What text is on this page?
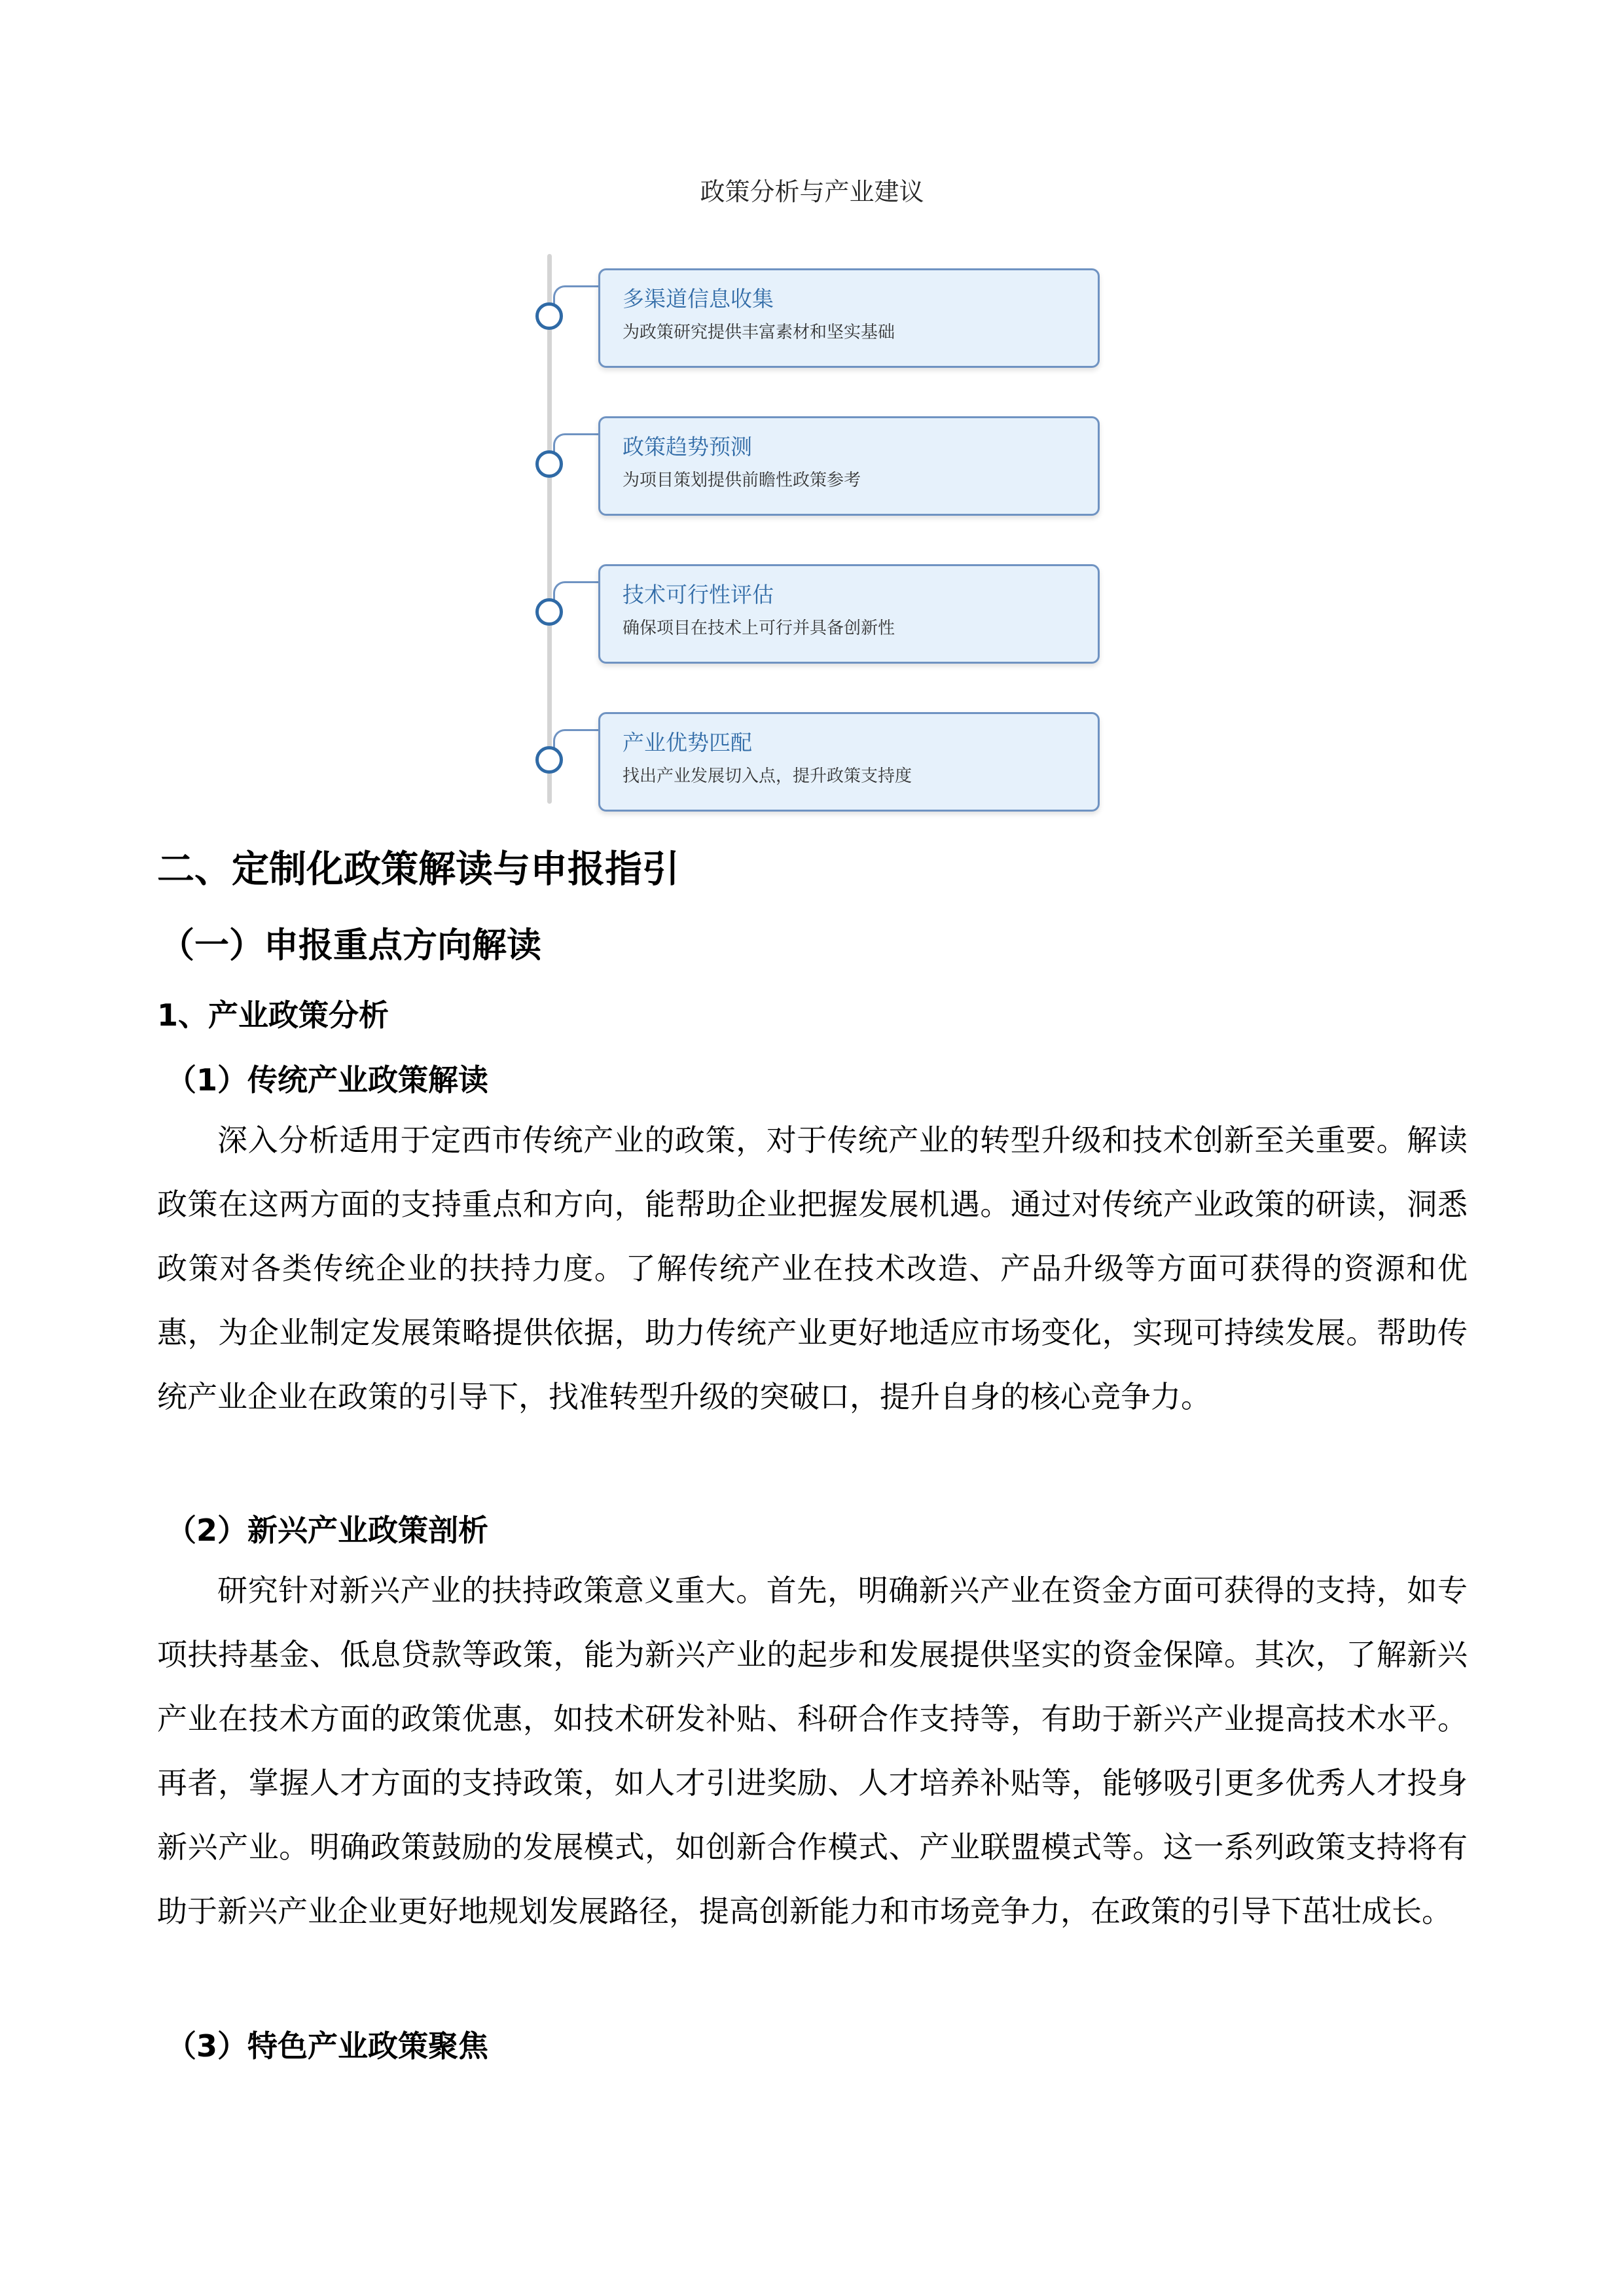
政策分析与产业建议
多渠道信息收集
为政策研究提供丰富素材和坚实基础
政策趋势预测
为项目策划提供前瞻性政策参考
技术可行性评估
确保项目在技术上可行并具备创新性
产业优势匹配
找出产业发展切入点，提升政策支持度
二、定制化政策解读与申报指引
（一）申报重点方向解读
1、产业政策分析
（1）传统产业政策解读

深入分析适用于定西市传统产业的政策，对于传统产业的转型升级和技术创新至关重要。解读政策在这两方面的支持重点和方向，能帮助企业把握发展机遇。通过对传统产业政策的研读，洞悉政策对各类传统企业的扶持力度。了解传统产业在技术改造、产品升级等方面可获得的资源和优惠，为企业制定发展策略提供依据，助力传统产业更好地适应市场变化，实现可持续发展。帮助传统产业企业在政策的引导下，找准转型升级的突破口，提升自身的核心竞争力。

（2）新兴产业政策剖析

研究针对新兴产业的扶持政策意义重大。首先，明确新兴产业在资金方面可获得的支持，如专项扶持基金、低息贷款等政策，能为新兴产业的起步和发展提供坚实的资金保障。其次，了解新兴产业在技术方面的政策优惠，如技术研发补贴、科研合作支持等，有助于新兴产业提高技术水平。再者，掌握人才方面的支持政策，如人才引进奖励、人才培养补贴等，能够吸引更多优秀人才投身新兴产业。明确政策鼓励的发展模式，如创新合作模式、产业联盟模式等。这一系列政策支持将有助于新兴产业企业更好地规划发展路径，提高创新能力和市场竞争力，在政策的引导下茁壮成长。

（3）特色产业政策聚焦
